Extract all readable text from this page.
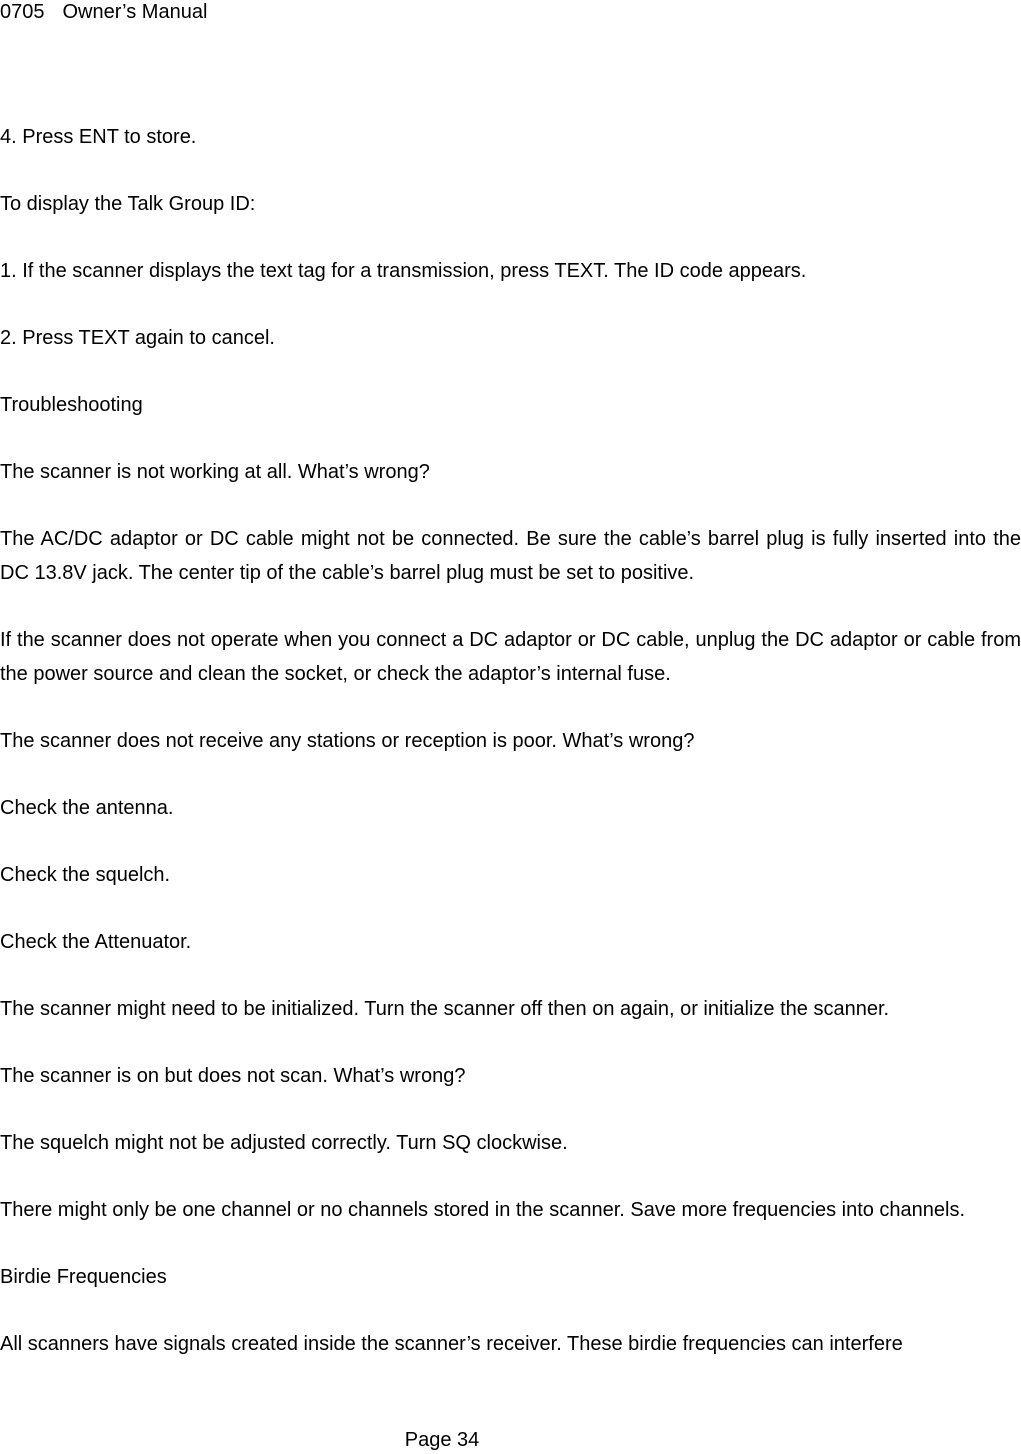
0705 Owner’s Manual
4. Press ENT to store.
To display the Talk Group ID:
1. If the scanner displays the text tag for a transmission, press TEXT. The ID code appears.
2. Press TEXT again to cancel.
Troubleshooting
The scanner is not working at all. What’s wrong?
The AC/DC adaptor or DC cable might not be connected. Be sure the cable’s barrel plug is fully inserted into the DC 13.8V jack. The center tip of the cable’s barrel plug must be set to positive.
If the scanner does not operate when you connect a DC adaptor or DC cable, unplug the DC adaptor or cable from the power source and clean the socket, or check the adaptor’s internal fuse.
The scanner does not receive any stations or reception is poor. What’s wrong?
Check the antenna.
Check the squelch.
Check the Attenuator.
The scanner might need to be initialized. Turn the scanner off then on again, or initialize the scanner.
The scanner is on but does not scan. What’s wrong?
The squelch might not be adjusted correctly. Turn SQ clockwise.
There might only be one channel or no channels stored in the scanner. Save more frequencies into channels.
Birdie Frequencies
All scanners have signals created inside the scanner’s receiver. These birdie frequencies can interfere
Page 34
